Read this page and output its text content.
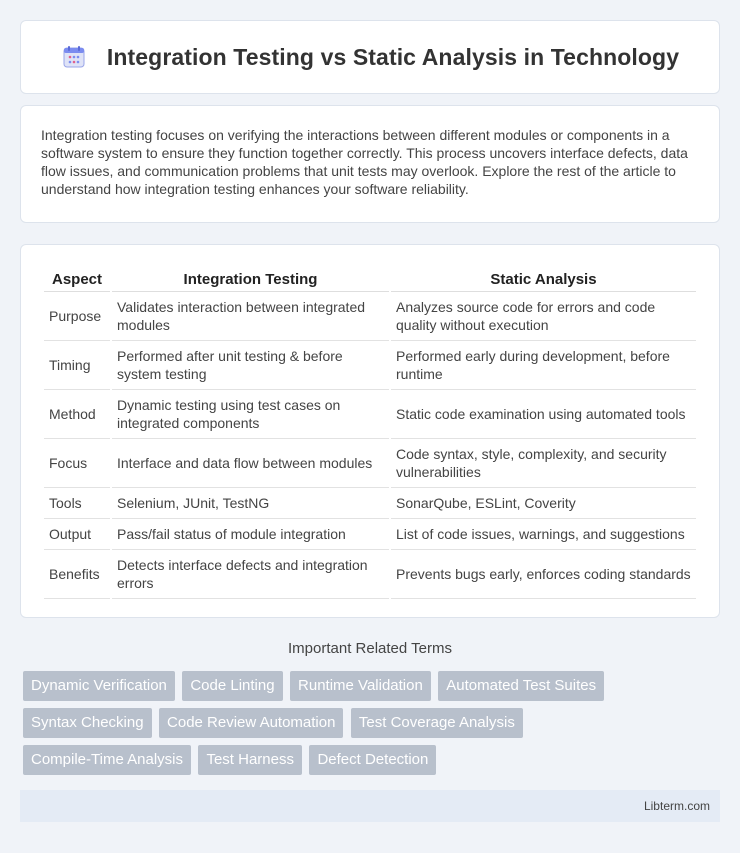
Integration Testing vs Static Analysis in Technology

Integration testing focuses on verifying the interactions between different modules or components in a software system to ensure they function together correctly. This process uncovers interface defects, data flow issues, and communication problems that unit tests may overlook. Explore the rest of the article to understand how integration testing enhances your software reliability.

Aspect	Integration Testing	Static Analysis
Purpose	Validates interaction between integrated modules	Analyzes source code for errors and code quality without execution
Timing	Performed after unit testing & before system testing	Performed early during development, before runtime
Method	Dynamic testing using test cases on integrated components	Static code examination using automated tools
Focus	Interface and data flow between modules	Code syntax, style, complexity, and security vulnerabilities
Tools	Selenium, JUnit, TestNG	SonarQube, ESLint, Coverity
Output	Pass/fail status of module integration	List of code issues, warnings, and suggestions
Benefits	Detects interface defects and integration errors	Prevents bugs early, enforces coding standards
Important Related Terms
Dynamic Verification Code Linting Runtime Validation Automated Test Suites
Syntax Checking Code Review Automation Test Coverage Analysis
Compile-Time Analysis Test Harness Defect Detection
Libterm.com
